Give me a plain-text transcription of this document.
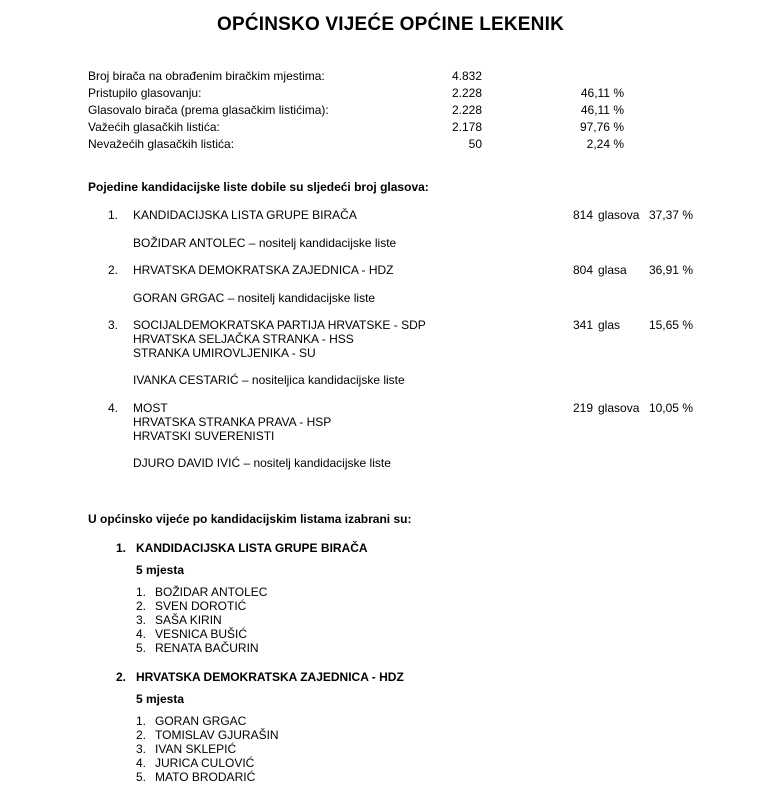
OPĆINSKO VIJEĆE OPĆINE LEKENIK
Broj birača na obrađenim biračkim mjestima:	4.832
Pristupilo glasovanju:	2.228	46,11 %
Glasovalo birača (prema glasačkim listićima):	2.228	46,11 %
Važećih glasačkih listića:	2.178	97,76 %
Nevažećih glasačkih listića:	50	2,24 %
Pojedine kandidacijske liste dobile su sljedeći broj glasova:
1. KANDIDACIJSKA LISTA GRUPE BIRAČA	814 glasova 37,37 %
BOŽIDAR ANTOLEC – nositelj kandidacijske liste
2. HRVATSKA DEMOKRATSKA ZAJEDNICA - HDZ	804 glasa	36,91 %
GORAN GRGAC – nositelj kandidacijske liste
3. SOCIJALDEMOKRATSKA PARTIJA HRVATSKE - SDP
HRVATSKA SELJAČKA STRANKA - HSS
STRANKA UMIROVLJENIKA - SU
341 glas	15,65 %
IVANKA CESTARIĆ – nositeljica kandidacijske liste
4. MOST
HRVATSKA STRANKA PRAVA - HSP
HRVATSKI SUVERENISTI
219 glasova 10,05 %
DJURO DAVID IVIĆ – nositelj kandidacijske liste
U općinsko vijeće po kandidacijskim listama izabrani su:
1. KANDIDACIJSKA LISTA GRUPE BIRAČA
5 mjesta
1. BOŽIDAR ANTOLEC
2. SVEN DOROTIĆ
3. SAŠA KIRIN
4. VESNICA BUŠIĆ
5. RENATA BAČURIN
2. HRVATSKA DEMOKRATSKA ZAJEDNICA - HDZ
5 mjesta
1. GORAN GRGAC
2. TOMISLAV GJURAŠIN
3. IVAN SKLEPIĆ
4. JURICA CULOVIĆ
5. MATO BRODARIĆ
